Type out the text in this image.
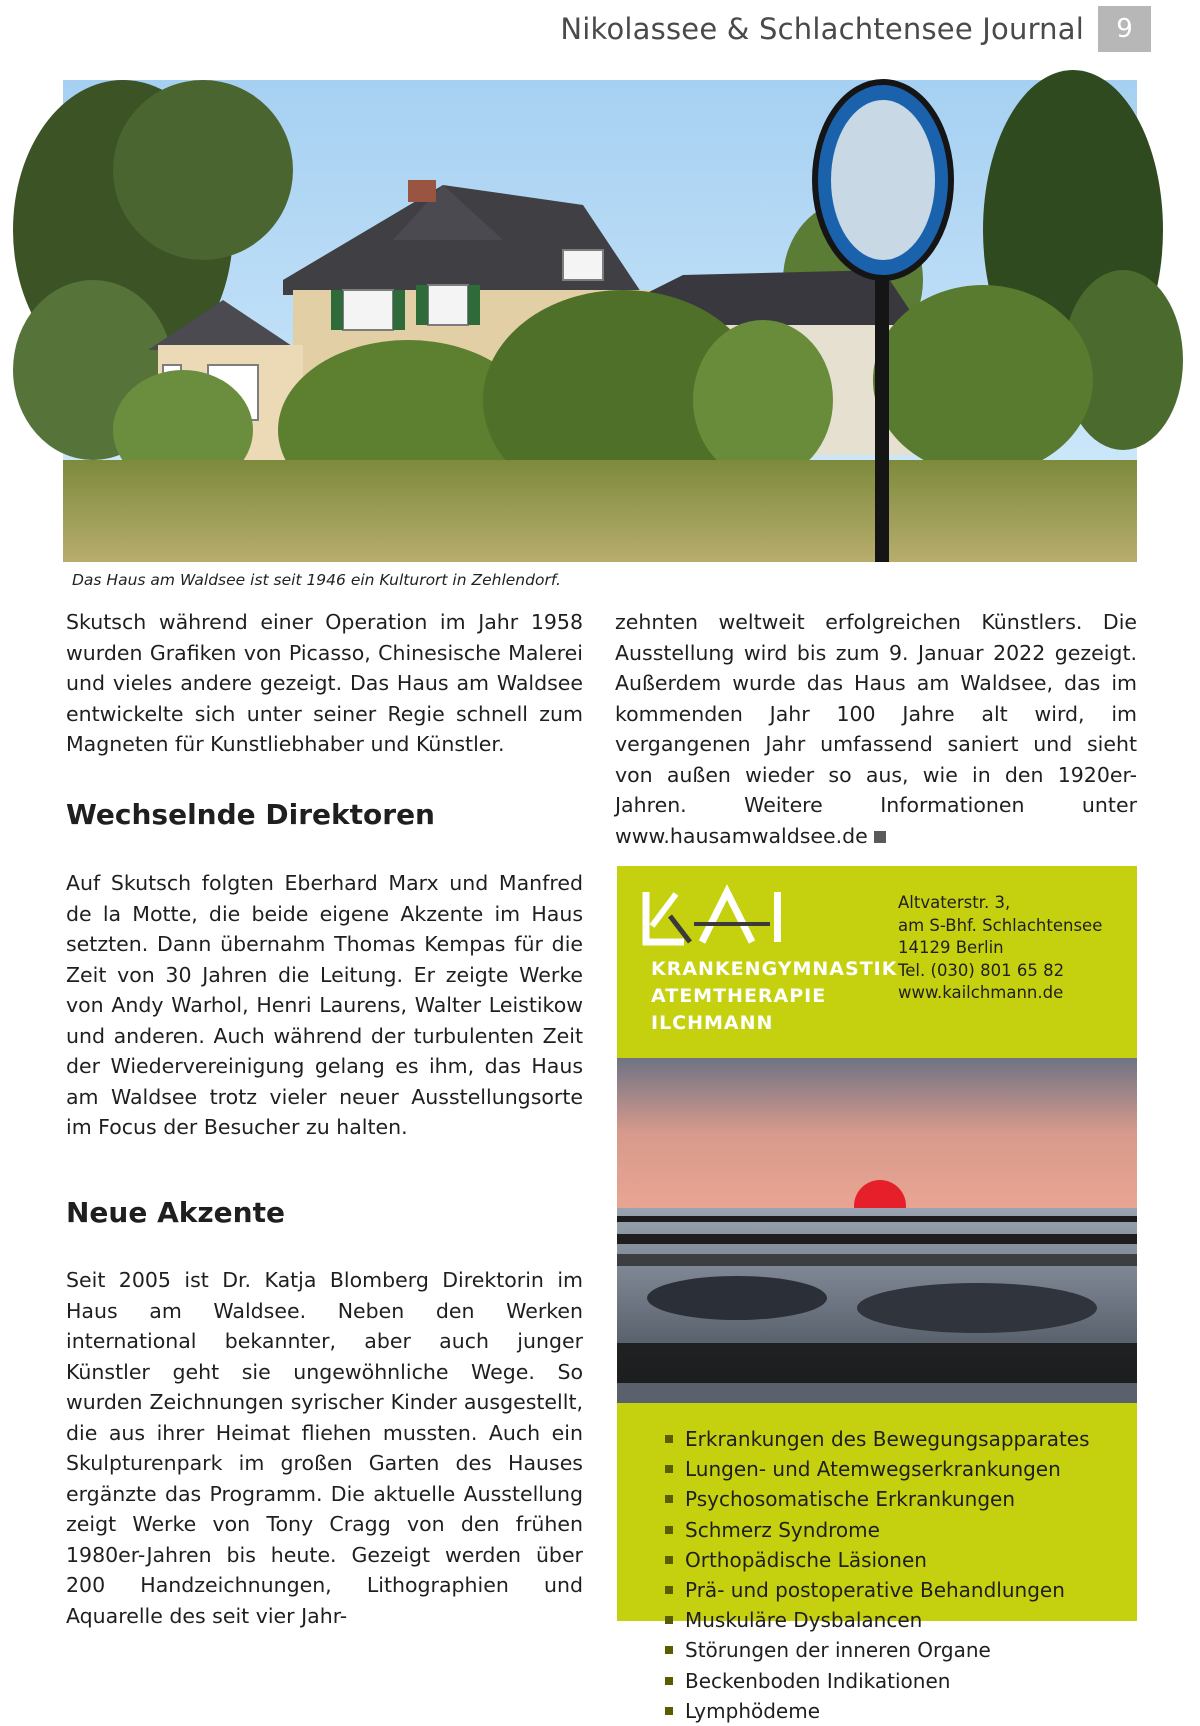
Nikolassee & Schlachtensee Journal	9
Das Haus am Waldsee ist seit 1946 ein Kulturort in Zehlendorf.

Skutsch während einer Operation im Jahr 1958 wurden Grafiken von Picasso, Chinesische Malerei und vieles andere gezeigt. Das Haus am Waldsee entwickelte sich unter seiner Regie schnell zum Magneten für Kunstliebhaber und Künstler.

Wechselnde Direktoren

Auf Skutsch folgten Eberhard Marx und Manfred de la Motte, die beide eigene Akzente im Haus setzten. Dann übernahm Thomas Kempas für die Zeit von 30 Jahren die Leitung. Er zeigte Werke von Andy Warhol, Henri Laurens, Walter Leistikow und anderen. Auch während der turbulenten Zeit der Wiedervereinigung gelang es ihm, das Haus am Waldsee trotz vieler neuer Ausstellungsorte im Focus der Besucher zu halten.

Neue Akzente

Seit 2005 ist Dr. Katja Blomberg Direktorin im Haus am Waldsee. Neben den Werken international bekannter, aber auch junger Künstler geht sie ungewöhnliche Wege. So wurden Zeichnungen syrischer Kinder ausgestellt, die aus ihrer Heimat fliehen mussten. Auch ein Skulpturenpark im großen Garten des Hauses ergänzte das Programm. Die aktuelle Ausstellung zeigt Werke von Tony Cragg von den frühen 1980er-Jahren bis heute. Gezeigt werden über 200 Handzeichnungen, Lithographien und Aquarelle des seit vier Jahr-

zehnten weltweit erfolgreichen Künstlers. Die Ausstellung wird bis zum 9. Januar 2022 gezeigt. Außerdem wurde das Haus am Waldsee, das im kommenden Jahr 100 Jahre alt wird, im vergangenen Jahr umfassend saniert und sieht von außen wieder so aus, wie in den 1920er-Jahren. Weitere Informationen unter www.hausamwaldsee.de

KRANKENGYMNASTIK
ATEMTHERAPIE
ILCHMANN
Altvaterstr. 3,
am S-Bhf. Schlachtensee
14129 Berlin
Tel. (030) 801 65 82
www.kailchmann.de
Erkrankungen des Bewegungsapparates
Lungen- und Atemwegserkrankungen
Psychosomatische Erkrankungen
Schmerz Syndrome
Orthopädische Läsionen
Prä- und postoperative Behandlungen
Muskuläre Dysbalancen
Störungen der inneren Organe
Beckenboden Indikationen
Lymphödeme
